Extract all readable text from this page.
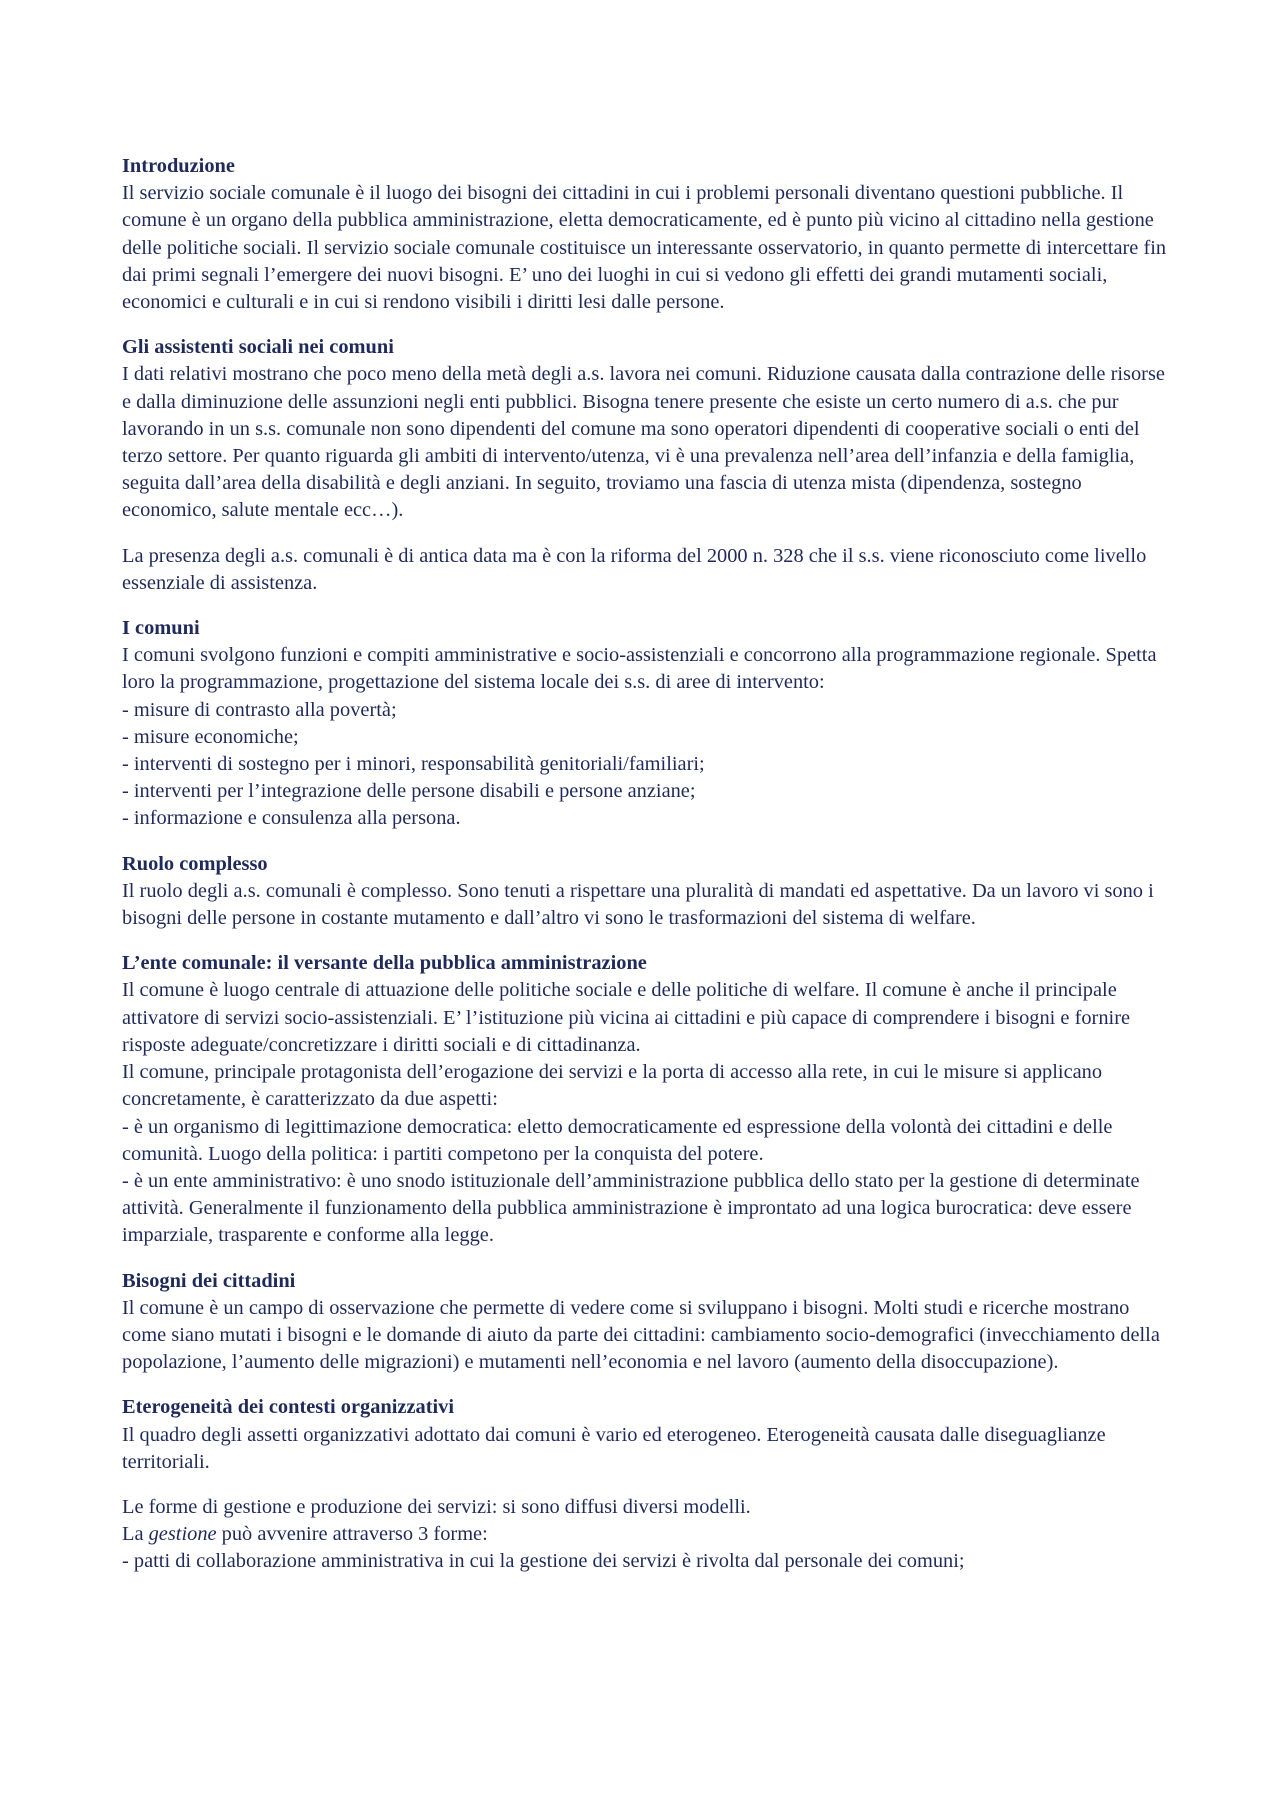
Introduzione

Il servizio sociale comunale è il luogo dei bisogni dei cittadini in cui i problemi personali diventano questioni pubbliche. Il comune è un organo della pubblica amministrazione, eletta democraticamente, ed è punto più vicino al cittadino nella gestione delle politiche sociali. Il servizio sociale comunale costituisce un interessante osservatorio, in quanto permette di intercettare fin dai primi segnali l’emergere dei nuovi bisogni. E’ uno dei luoghi in cui si vedono gli effetti dei grandi mutamenti sociali, economici e culturali e in cui si rendono visibili i diritti lesi dalle persone.

Gli assistenti sociali nei comuni

I dati relativi mostrano che poco meno della metà degli a.s. lavora nei comuni. Riduzione causata dalla contrazione delle risorse e dalla diminuzione delle assunzioni negli enti pubblici. Bisogna tenere presente che esiste un certo numero di a.s. che pur lavorando in un s.s. comunale non sono dipendenti del comune ma sono operatori dipendenti di cooperative sociali o enti del terzo settore. Per quanto riguarda gli ambiti di intervento/utenza, vi è una prevalenza nell’area dell’infanzia e della famiglia, seguita dall’area della disabilità e degli anziani. In seguito, troviamo una fascia di utenza mista (dipendenza, sostegno economico, salute mentale ecc…).

La presenza degli a.s. comunali è di antica data ma è con la riforma del 2000 n. 328 che il s.s. viene riconosciuto come livello essenziale di assistenza.

I comuni

I comuni svolgono funzioni e compiti amministrative e socio-assistenziali e concorrono alla programmazione regionale. Spetta loro la programmazione, progettazione del sistema locale dei s.s. di aree di intervento:

- misure di contrasto alla povertà;
- misure economiche;
- interventi di sostegno per i minori, responsabilità genitoriali/familiari;
- interventi per l’integrazione delle persone disabili e persone anziane;
- informazione e consulenza alla persona.

Ruolo complesso

Il ruolo degli a.s. comunali è complesso. Sono tenuti a rispettare una pluralità di mandati ed aspettative. Da un lavoro vi sono i bisogni delle persone in costante mutamento e dall’altro vi sono le trasformazioni del sistema di welfare.

L’ente comunale: il versante della pubblica amministrazione

Il comune è luogo centrale di attuazione delle politiche sociale e delle politiche di welfare. Il comune è anche il principale attivatore di servizi socio-assistenziali. E’ l’istituzione più vicina ai cittadini e più capace di comprendere i bisogni e fornire risposte adeguate/concretizzare i diritti sociali e di cittadinanza.

Il comune, principale protagonista dell’erogazione dei servizi e la porta di accesso alla rete, in cui le misure si applicano concretamente, è caratterizzato da due aspetti:

- è un organismo di legittimazione democratica: eletto democraticamente ed espressione della volontà dei cittadini e delle comunità. Luogo della politica: i partiti competono per la conquista del potere.
- è un ente amministrativo: è uno snodo istituzionale dell’amministrazione pubblica dello stato per la gestione di determinate attività. Generalmente il funzionamento della pubblica amministrazione è improntato ad una logica burocratica: deve essere imparziale, trasparente e conforme alla legge.

Bisogni dei cittadini

Il comune è un campo di osservazione che permette di vedere come si sviluppano i bisogni. Molti studi e ricerche mostrano come siano mutati i bisogni e le domande di aiuto da parte dei cittadini: cambiamento socio-demografici (invecchiamento della popolazione, l’aumento delle migrazioni) e mutamenti nell’economia e nel lavoro (aumento della disoccupazione).

Eterogeneità dei contesti organizzativi

Il quadro degli assetti organizzativi adottato dai comuni è vario ed eterogeneo. Eterogeneità causata dalle diseguaglianze territoriali.

Le forme di gestione e produzione dei servizi: si sono diffusi diversi modelli.

La gestione può avvenire attraverso 3 forme:

- patti di collaborazione amministrativa in cui la gestione dei servizi è rivolta dal personale dei comuni;
